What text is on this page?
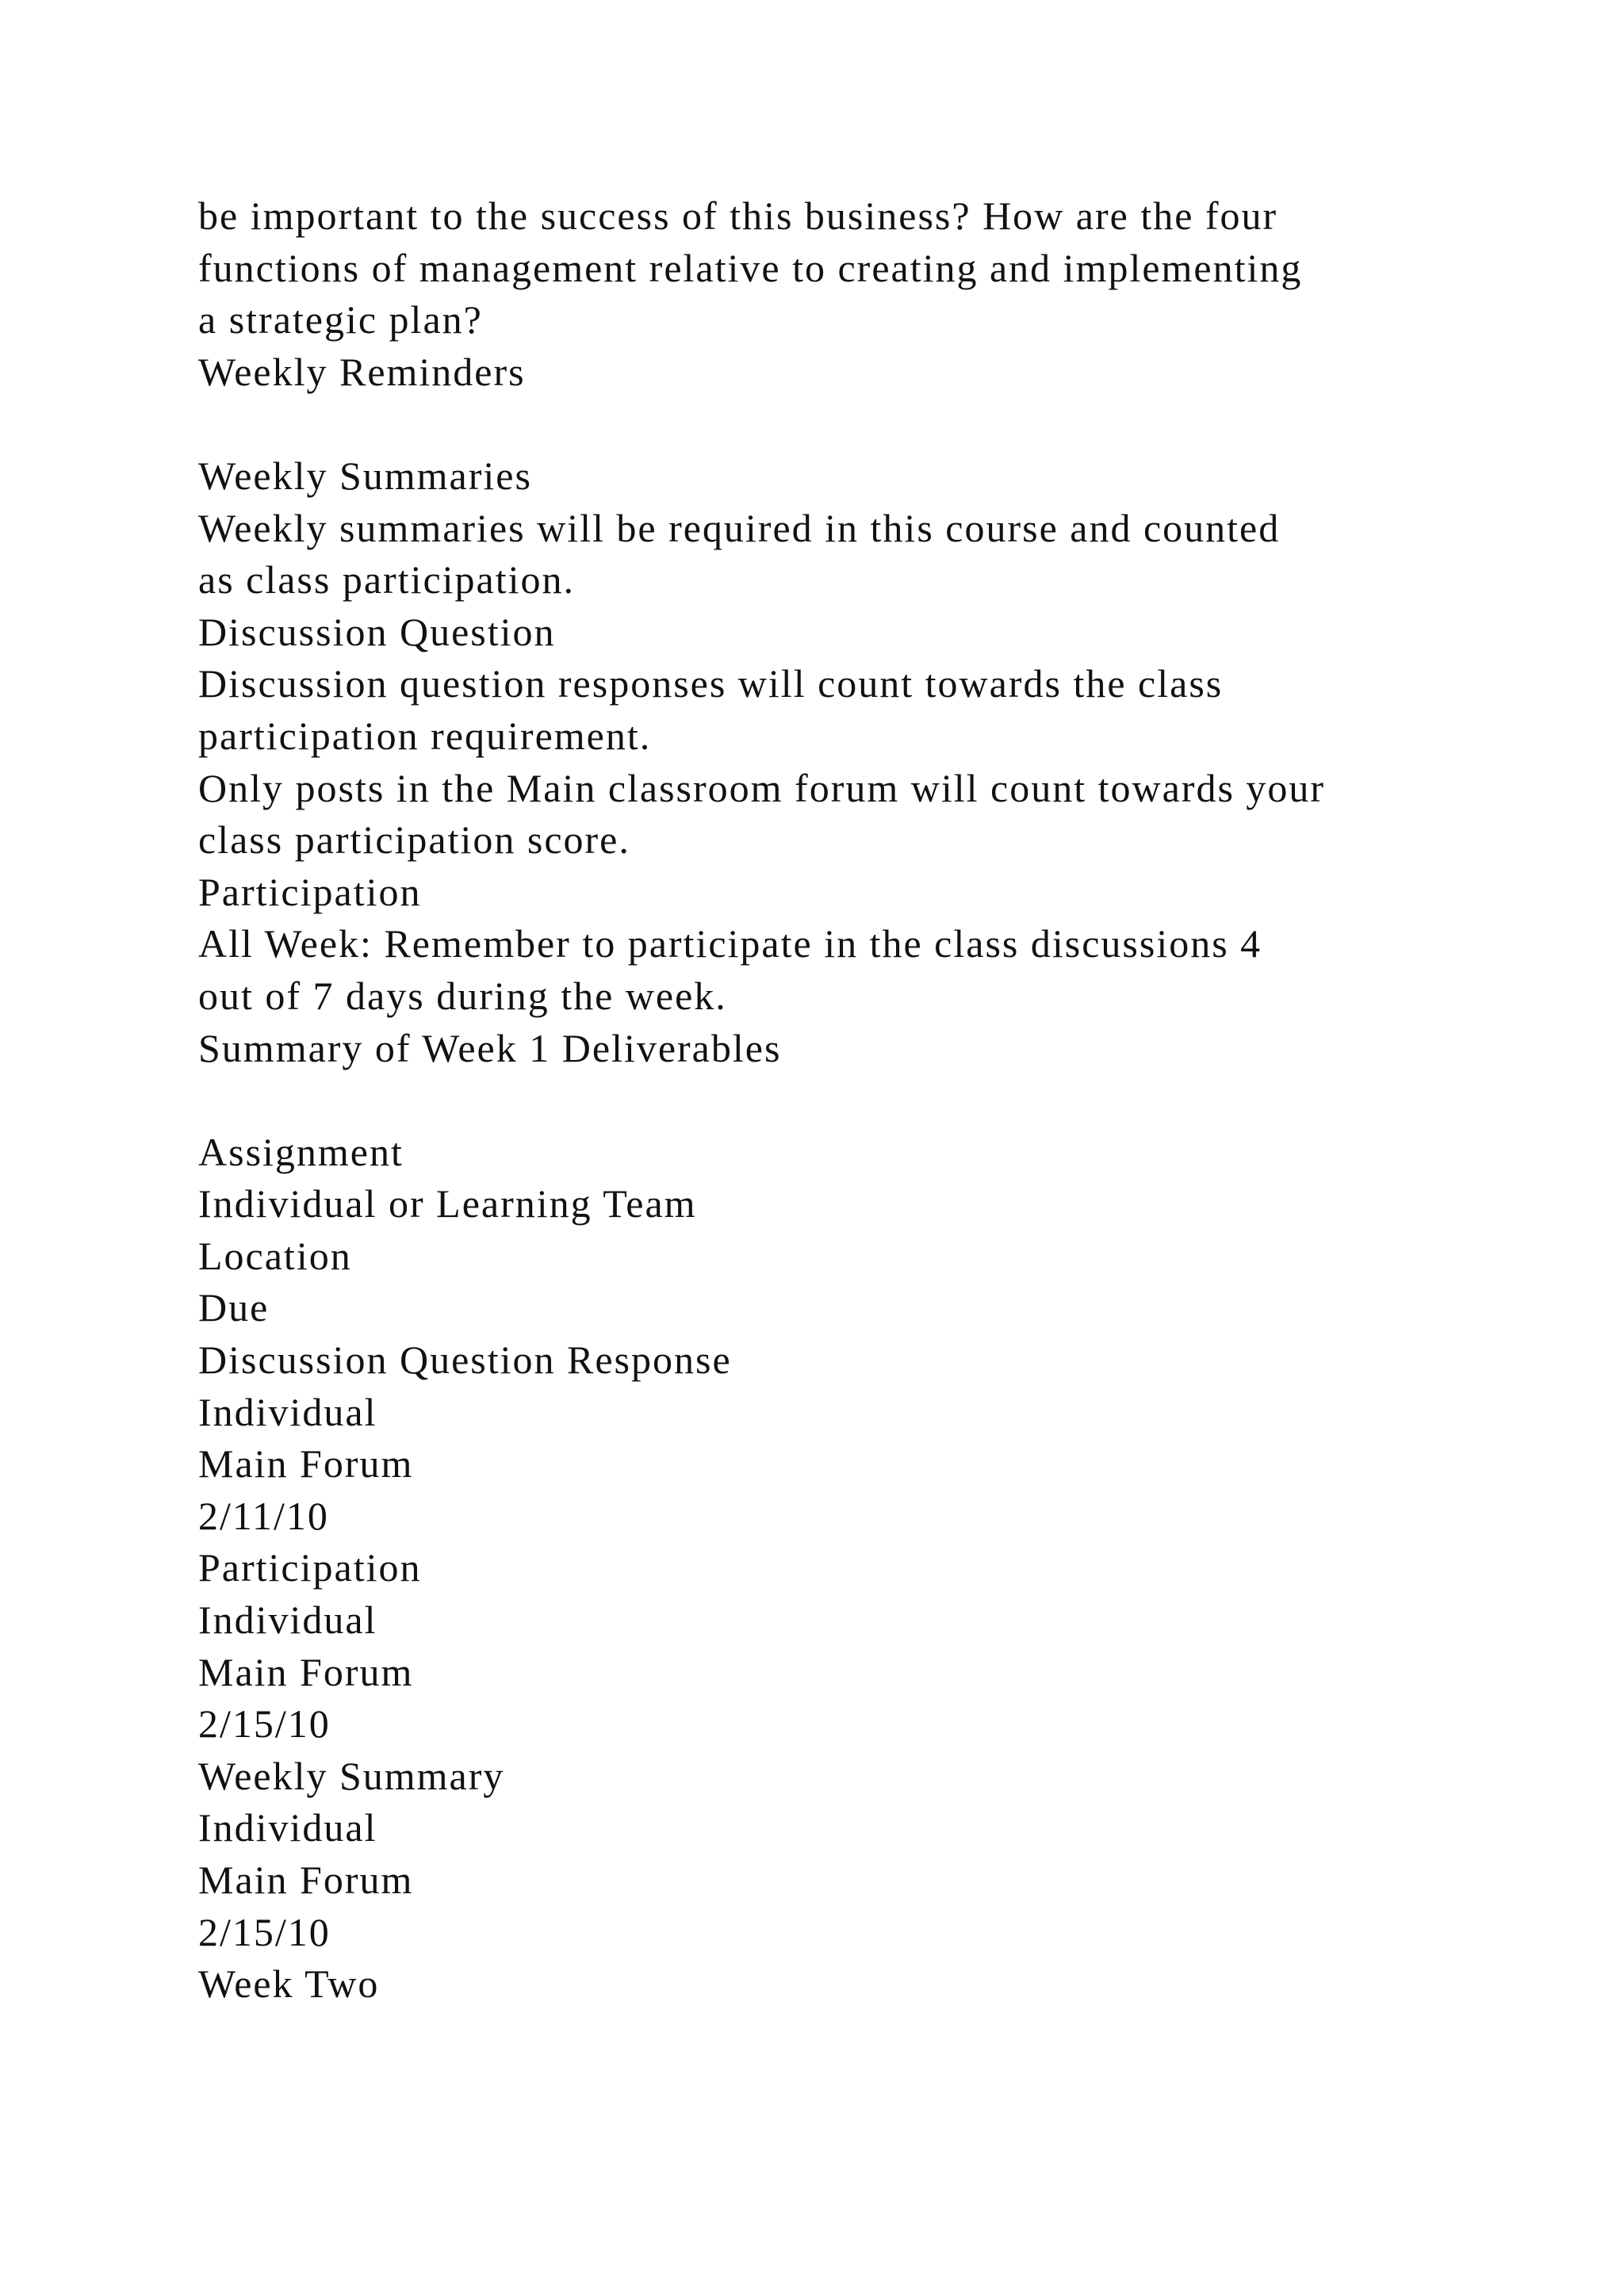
be important to the success of this business? How are the four
functions of management relative to creating and implementing
a strategic plan?
Weekly Reminders
Weekly Summaries
Weekly summaries will be required in this course and counted
as class participation.
Discussion Question
Discussion question responses will count towards the class
participation requirement.
Only posts in the Main classroom forum will count towards your
class participation score.
Participation
All Week: Remember to participate in the class discussions 4
out of 7 days during the week.
Summary of Week 1 Deliverables
Assignment
Individual or Learning Team
Location
Due
Discussion Question Response
Individual
Main Forum
2/11/10
Participation
Individual
Main Forum
2/15/10
Weekly Summary
Individual
Main Forum
2/15/10
Week Two
